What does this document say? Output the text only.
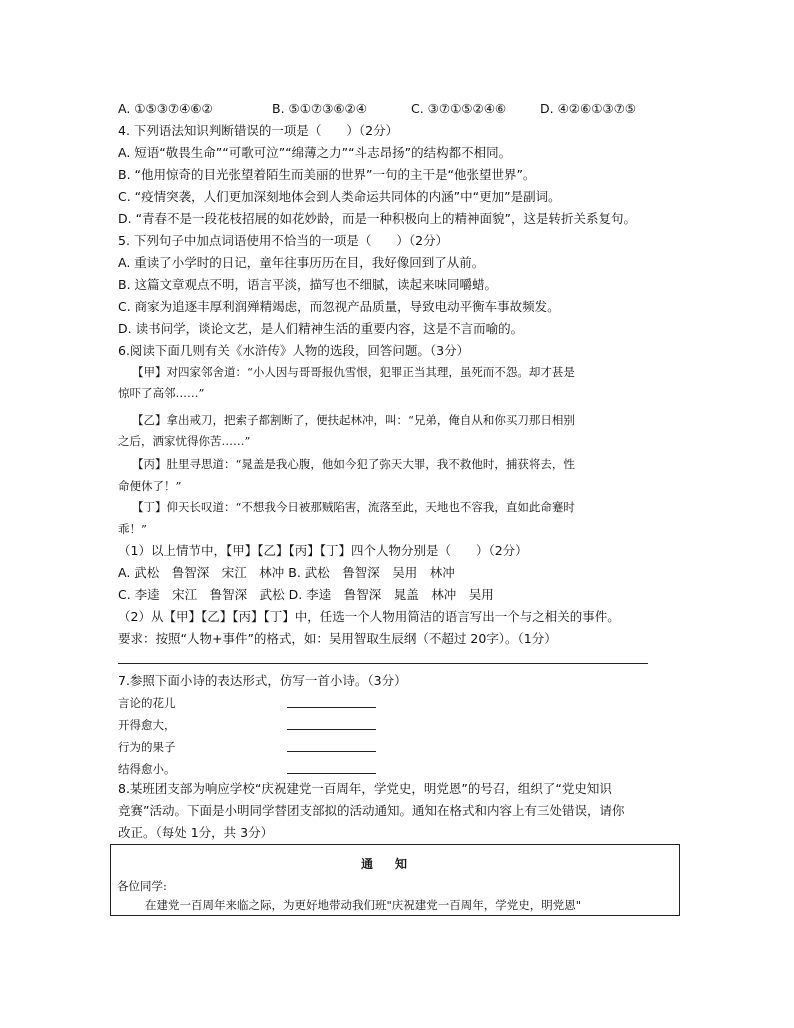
A. ①⑤③⑦④⑥②	B. ⑤①⑦③⑥②④	C. ③⑦①⑤②④⑥	D. ④②⑥①③⑦⑤
4. 下列语法知识判断错误的一项是（　　）（2分）
A. 短语“敬畏生命”“可歌可泣”“绵薄之力”“斗志昂扬”的结构都不相同。
B. “他用惊奇的目光张望着陌生而美丽的世界”一句的主干是“他张望世界”。
C. “疫情突袭，人们更加深刻地体会到人类命运共同体的内涵”中“更加”是副词。
D. “青春不是一段花枝招展的如花妙龄，而是一种积极向上的精神面貌”，这是转折关系复句。
5. 下列句子中加点词语使用不恰当的一项是（　　）（2分）
A. 重读了小学时的日记，童年往事历历在目，我好像回到了从前。
B. 这篇文章观点不明，语言平淡，描写也不细腻，读起来味同嚼蜡。
C. 商家为追逐丰厚利润殚精竭虑，而忽视产品质量，导致电动平衡车事故频发。
D. 读书问学，谈论文艺，是人们精神生活的重要内容，这是不言而喻的。
6.阅读下面几则有关《水浒传》人物的选段，回答问题。（3分）
【甲】对四家邻舍道：“小人因与哥哥报仇雪恨，犯罪正当其理，虽死而不怨。却才甚是
惊吓了高邻……”
【乙】拿出戒刀，把索子都割断了，便扶起林冲，叫：“兄弟，俺自从和你买刀那日相别
之后，洒家忧得你苦……”
【丙】肚里寻思道：“晁盖是我心腹，他如今犯了弥天大罪，我不救他时，捕获将去，性
命便休了！”
【丁】仰天长叹道：“不想我今日被那贼陷害，流落至此，天地也不容我，直如此命蹇时
乖！”
（1）以上情节中，【甲】【乙】【丙】【丁】四个人物分别是（　　）（2分）
A. 武松　鲁智深　宋江　林冲 B. 武松　鲁智深　吴用　林冲
C. 李逵　宋江　鲁智深　武松 D. 李逵　鲁智深　晁盖　林冲　吴用
（2）从【甲】【乙】【丙】【丁】中，任选一个人物用简洁的语言写出一个与之相关的事件。
要求：按照“人物+事件”的格式，如：吴用智取生辰纲（不超过 20字）。（1分）
7.参照下面小诗的表达形式，仿写一首小诗。（3分）
言论的花儿
开得愈大，
行为的果子
结得愈小。
8.某班团支部为响应学校“庆祝建党一百周年，学党史，明党恩”的号召，组织了“党史知识
竞赛”活动。下面是小明同学替团支部拟的活动通知。通知在格式和内容上有三处错误，请你
改正。（每处 1分，共 3分）
通知
各位同学:
在建党一百周年来临之际，为更好地带动我们班"庆祝建党一百周年，学党史，明党恩"
